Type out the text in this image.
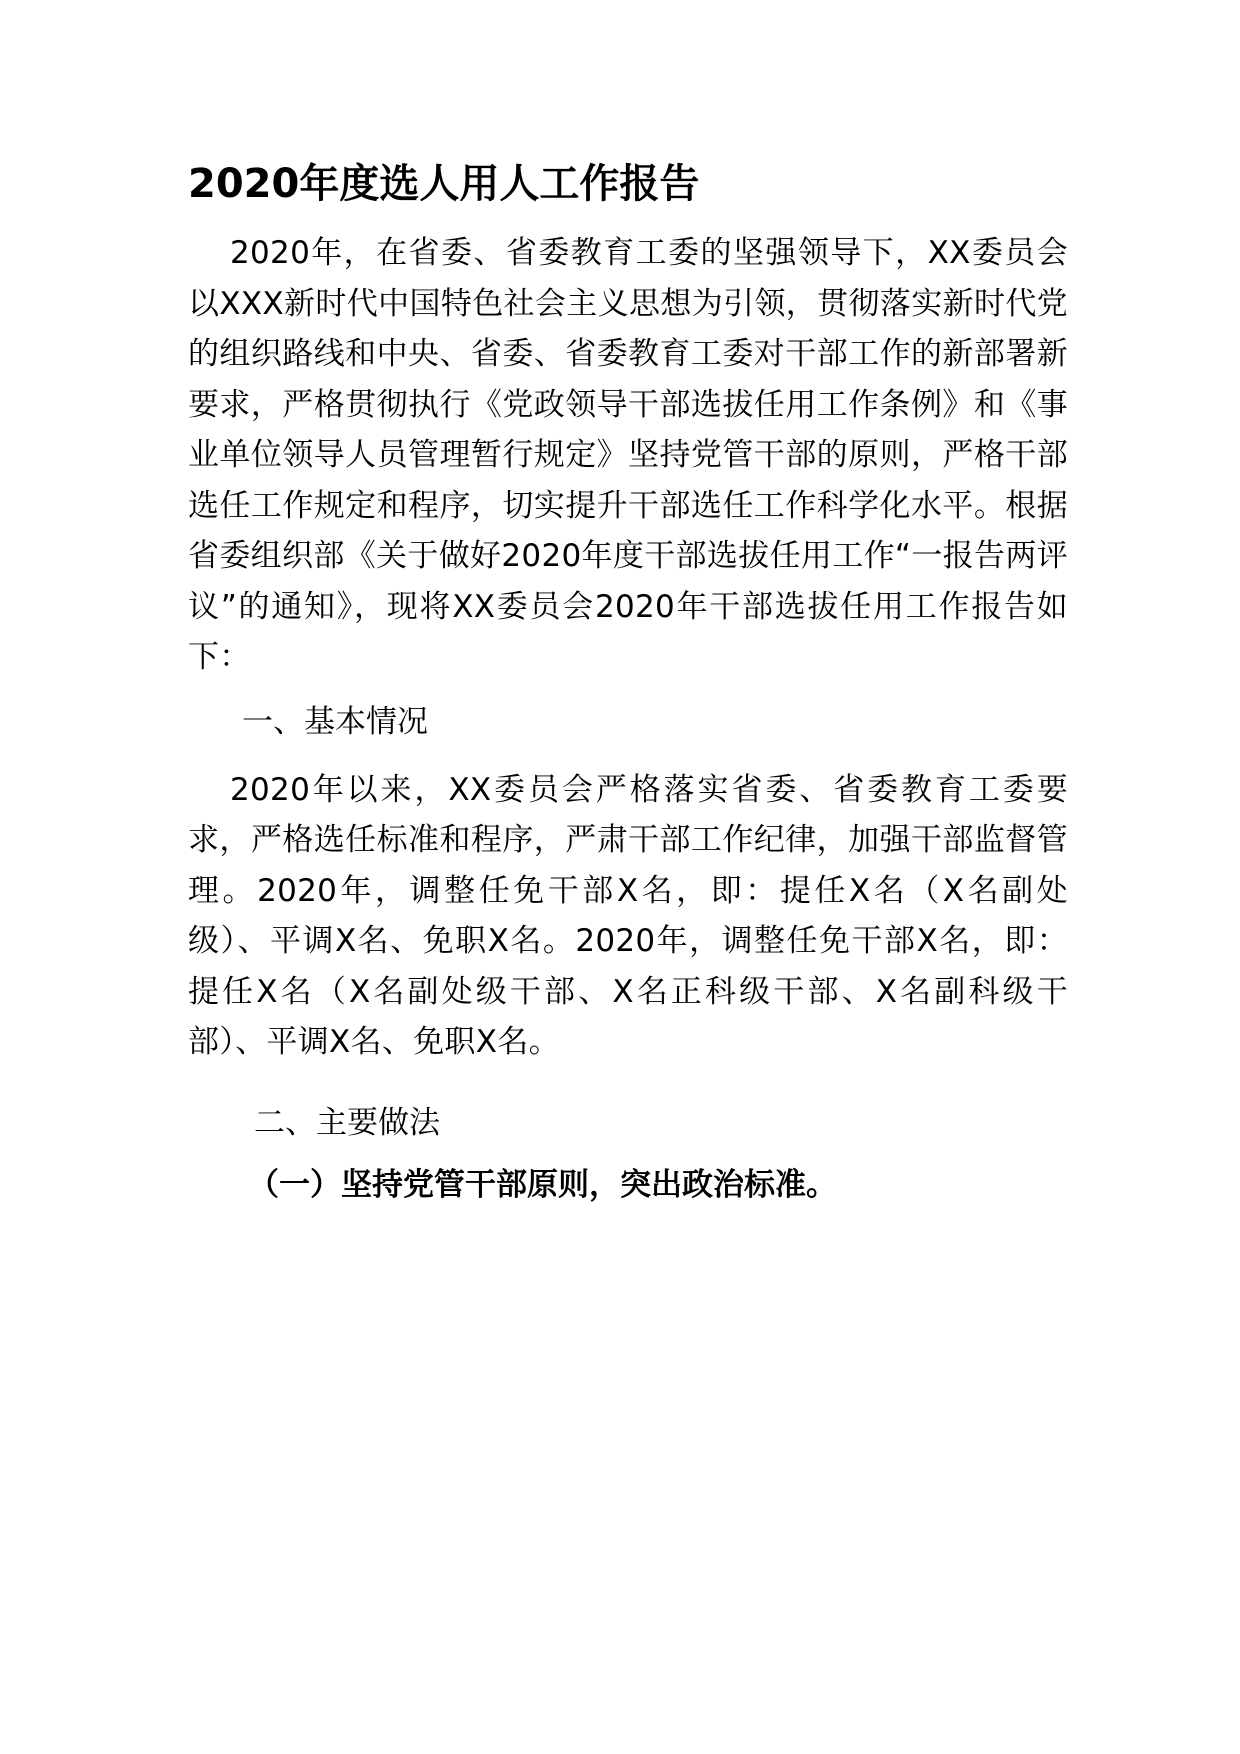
2020年度选人用人工作报告

2020年，在省委、省委教育工委的坚强领导下，XX委员会以XXX新时代中国特色社会主义思想为引领，贯彻落实新时代党的组织路线和中央、省委、省委教育工委对干部工作的新部署新要求，严格贯彻执行《党政领导干部选拔任用工作条例》和《事业单位领导人员管理暂行规定》坚持党管干部的原则，严格干部选任工作规定和程序，切实提升干部选任工作科学化水平。根据省委组织部《关于做好2020年度干部选拔任用工作“一报告两评议”的通知》，现将XX委员会2020年干部选拔任用工作报告如下：

一、基本情况

2020年以来，XX委员会严格落实省委、省委教育工委要求，严格选任标准和程序，严肃干部工作纪律，加强干部监督管理。2020年，调整任免干部X名，即：提任X名（X名副处级）、平调X名、免职X名。2020年，调整任免干部X名，即：提任X名（X名副处级干部、X名正科级干部、X名副科级干部）、平调X名、免职X名。

二、主要做法
（一）坚持党管干部原则，突出政治标准。
